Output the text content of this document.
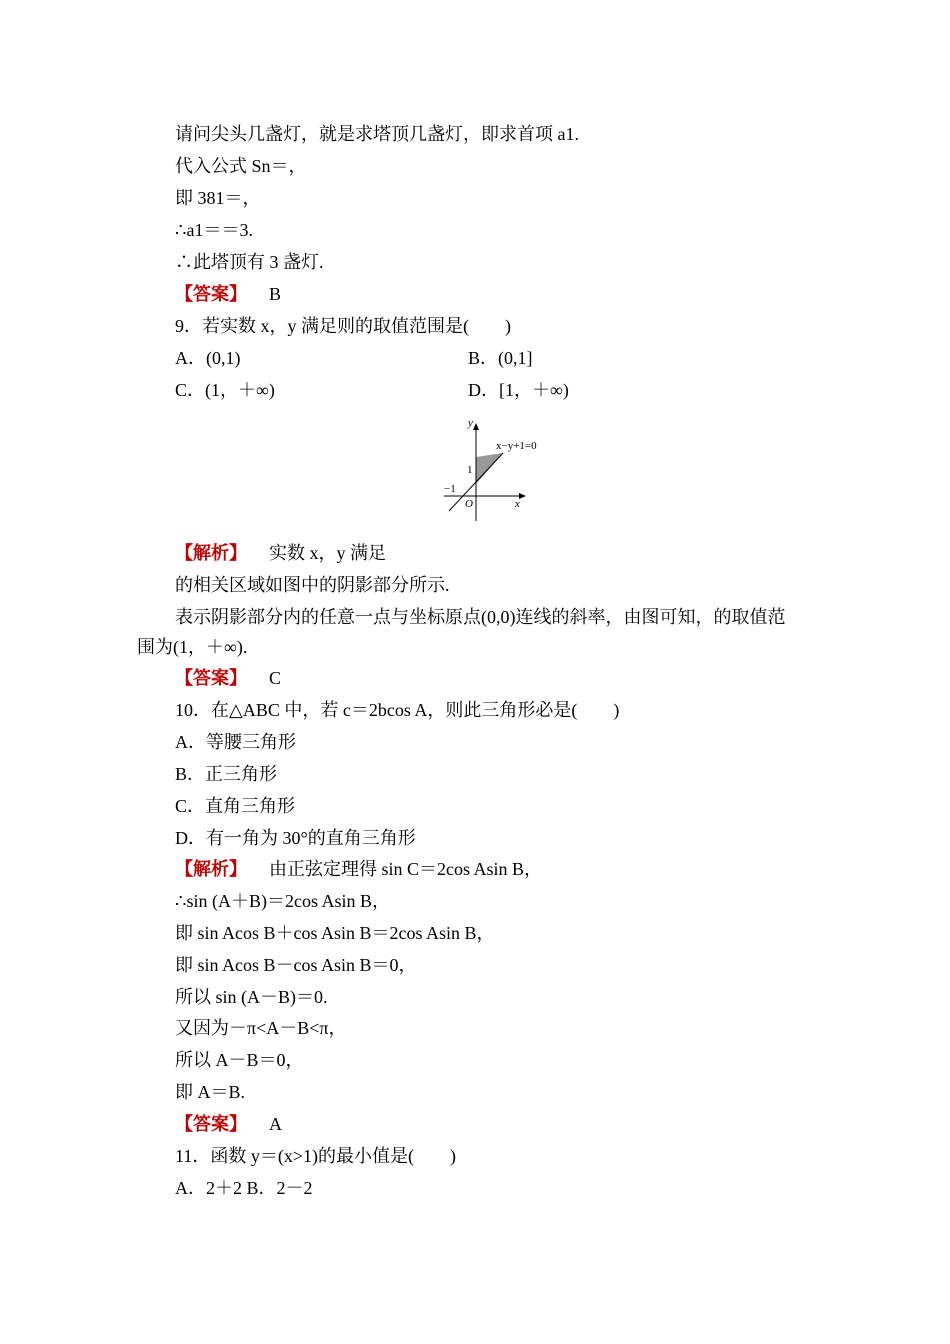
请问尖头几盏灯，就是求塔顶几盏灯，即求首项 a1.
代入公式 Sn＝，
即 381＝，
∴a1＝＝3.
∴此塔顶有 3 盏灯.
【答案】 B
9．若实数 x，y 满足则的取值范围是(　　)
A．(0,1)	B．(0,1]
C．(1，＋∞)	D．[1，＋∞)
y
x
O
1
−1
x−y+1=0
【解析】 实数 x，y 满足
的相关区域如图中的阴影部分所示.
表示阴影部分内的任意一点与坐标原点(0,0)连线的斜率，由图可知，的取值范
围为(1，＋∞).
【答案】 C
10．在△ABC 中，若 c＝2bcos A，则此三角形必是(　　)
A．等腰三角形
B．正三角形
C．直角三角形
D．有一角为 30°的直角三角形
【解析】 由正弦定理得 sin C＝2cos Asin B，
∴sin (A＋B)＝2cos Asin B，
即 sin Acos B＋cos Asin B＝2cos Asin B，
即 sin Acos B－cos Asin B＝0，
所以 sin (A－B)＝0.
又因为－π<A－B<π，
所以 A－B＝0，
即 A＝B.
【答案】 A
11．函数 y＝(x>1)的最小值是(　　)
A．2＋2 B．2－2
